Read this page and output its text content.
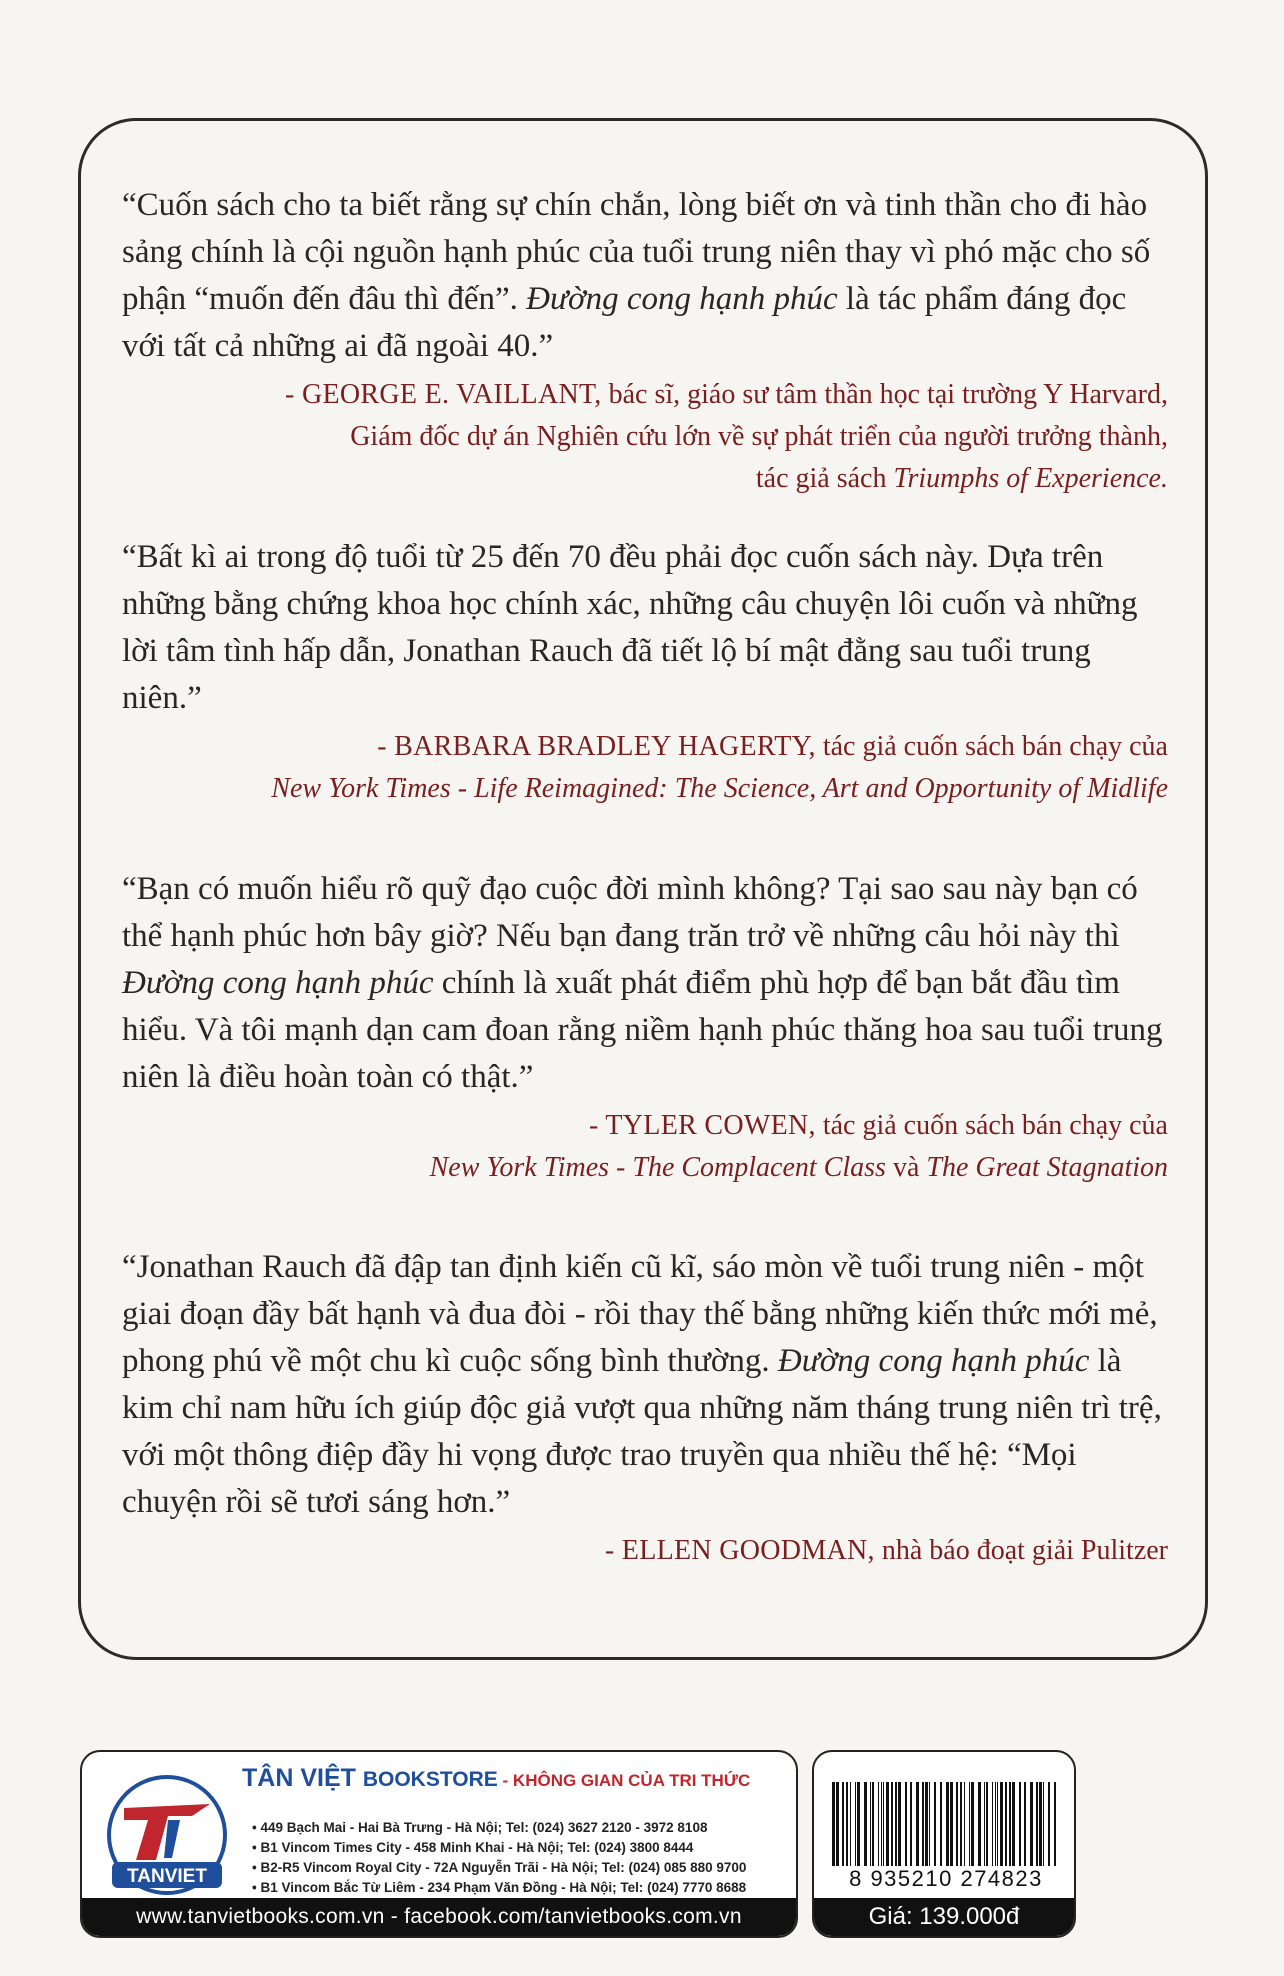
“Cuốn sách cho ta biết rằng sự chín chắn, lòng biết ơn và tinh thần cho đi hào sảng chính là cội nguồn hạnh phúc của tuổi trung niên thay vì phó mặc cho số phận “muốn đến đâu thì đến”. Đường cong hạnh phúc là tác phẩm đáng đọc với tất cả những ai đã ngoài 40.”

- GEORGE E. VAILLANT, bác sĩ, giáo sư tâm thần học tại trường Y Harvard,
Giám đốc dự án Nghiên cứu lớn về sự phát triển của người trưởng thành,
tác giả sách Triumphs of Experience.

“Bất kì ai trong độ tuổi từ 25 đến 70 đều phải đọc cuốn sách này. Dựa trên những bằng chứng khoa học chính xác, những câu chuyện lôi cuốn và những lời tâm tình hấp dẫn, Jonathan Rauch đã tiết lộ bí mật đằng sau tuổi trung niên.”

- BARBARA BRADLEY HAGERTY, tác giả cuốn sách bán chạy của
New York Times - Life Reimagined: The Science, Art and Opportunity of Midlife

“Bạn có muốn hiểu rõ quỹ đạo cuộc đời mình không? Tại sao sau này bạn có thể hạnh phúc hơn bây giờ? Nếu bạn đang trăn trở về những câu hỏi này thì Đường cong hạnh phúc chính là xuất phát điểm phù hợp để bạn bắt đầu tìm hiểu. Và tôi mạnh dạn cam đoan rằng niềm hạnh phúc thăng hoa sau tuổi trung niên là điều hoàn toàn có thật.”

- TYLER COWEN, tác giả cuốn sách bán chạy của
New York Times - The Complacent Class và The Great Stagnation

“Jonathan Rauch đã đập tan định kiến cũ kĩ, sáo mòn về tuổi trung niên - một giai đoạn đầy bất hạnh và đua đòi - rồi thay thế bằng những kiến thức mới mẻ, phong phú về một chu kì cuộc sống bình thường. Đường cong hạnh phúc là kim chỉ nam hữu ích giúp độc giả vượt qua những năm tháng trung niên trì trệ, với một thông điệp đầy hi vọng được trao truyền qua nhiều thế hệ: “Mọi chuyện rồi sẽ tươi sáng hơn.”

- ELLEN GOODMAN, nhà báo đoạt giải Pulitzer
TANVIET
TÂN VIỆT BOOKSTORE - KHÔNG GIAN CỦA TRI THỨC
• 449 Bạch Mai - Hai Bà Trưng - Hà Nội; Tel: (024) 3627 2120 - 3972 8108
• B1 Vincom Times City - 458 Minh Khai - Hà Nội; Tel: (024) 3800 8444
• B2-R5 Vincom Royal City - 72A Nguyễn Trãi - Hà Nội; Tel: (024) 085 880 9700
• B1 Vincom Bắc Từ Liêm - 234 Phạm Văn Đồng - Hà Nội; Tel: (024) 7770 8688
www.tanvietbooks.com.vn - facebook.com/tanvietbooks.com.vn
8 935210 274823
Giá: 139.000đ
